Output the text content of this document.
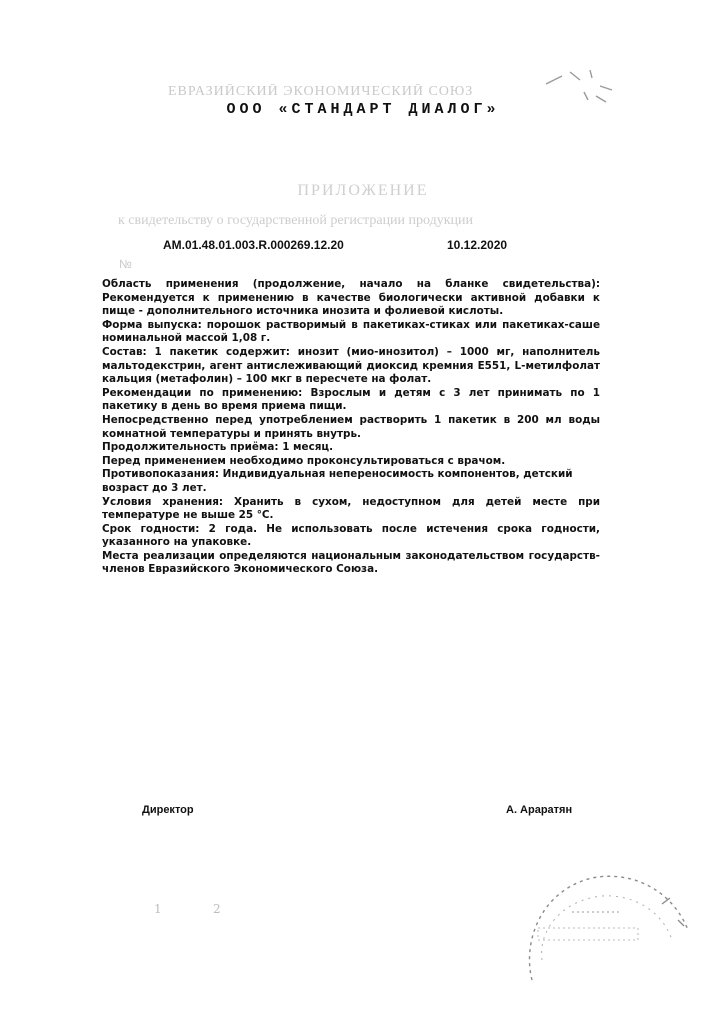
ЕВРАЗИЙСКИЙ ЭКОНОМИЧЕСКИЙ СОЮЗ
ООО «СТАНДАРТ ДИАЛОГ»
ПРИЛОЖЕНИЕ
к свидетельству о государственной регистрации продукции
АМ.01.48.01.003.R.000269.12.20	10.12.2020
№

Область применения (продолжение, начало на бланке свидетельства): Рекомендуется к применению в качестве биологически активной добавки к пище - дополнительного источника инозита и фолиевой кислоты.

Форма выпуска: порошок растворимый в пакетиках-стиках или пакетиках-саше номинальной массой 1,08 г.

Состав: 1 пакетик содержит: инозит (мио-инозитол) – 1000 мг, наполнитель мальтодекстрин, агент антислеживающий диоксид кремния Е551, L-метилфолат кальция (метафолин) – 100 мкг в пересчете на фолат.

Рекомендации по применению: Взрослым и детям с 3 лет принимать по 1 пакетику в день во время приема пищи.

Непосредственно перед употреблением растворить 1 пакетик в 200 мл воды комнатной температуры и принять внутрь.

Продолжительность приёма: 1 месяц.

Перед применением необходимо проконсультироваться с врачом.

Противопоказания: Индивидуальная непереносимость компонентов, детский возраст до 3 лет.

Условия хранения: Хранить в сухом, недоступном для детей месте при температуре не выше 25 °С.

Срок годности: 2 года. Не использовать после истечения срока годности, указанного на упаковке.

Места реализации определяются национальным законодательством государств-членов Евразийского Экономического Союза.

Директор	А. Араратян
1	2
